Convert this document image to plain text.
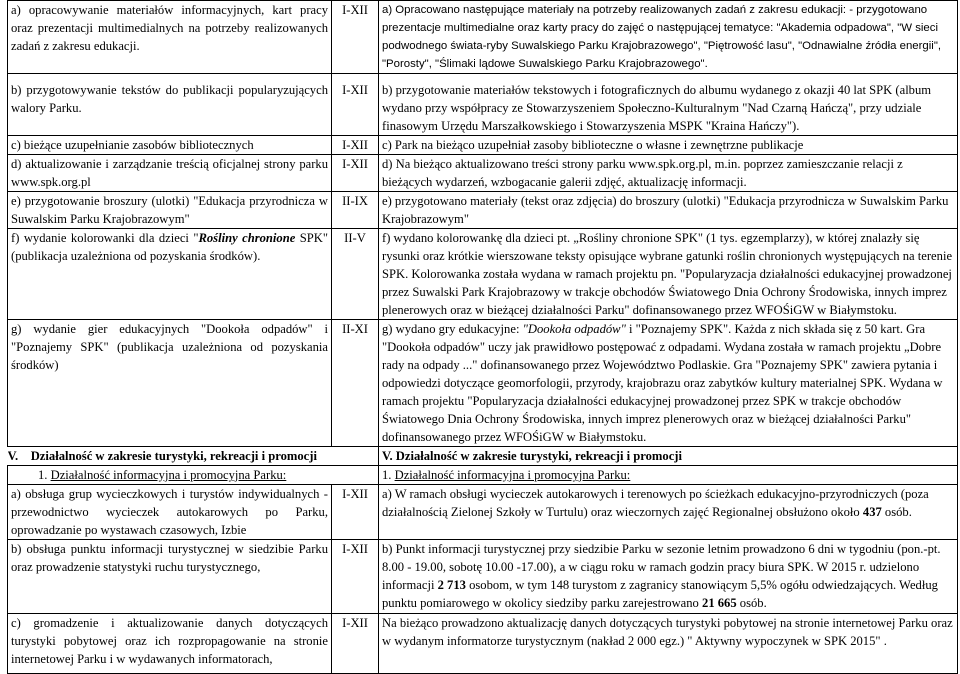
a) opracowywanie materiałów informacyjnych, kart pracy oraz prezentacji multimedialnych na potrzeby realizowanych zadań z zakresu edukacji.	I-XII	a) Opracowano następujące materiały na potrzeby realizowanych zadań z zakresu edukacji: - przygotowano prezentacje multimedialne oraz karty pracy do zajęć o następującej tematyce: "Akademia odpadowa", "W sieci podwodnego świata-ryby Suwalskiego Parku Krajobrazowego", "Piętrowość lasu", "Odnawialne źródła energii", "Porosty", "Ślimaki lądowe Suwalskiego Parku Krajobrazowego".
b) przygotowywanie tekstów do publikacji popularyzujących walory Parku.	I-XII	b) przygotowanie materiałów tekstowych i fotograficznych do albumu wydanego z okazji 40 lat SPK (album wydano przy współpracy ze Stowarzyszeniem Społeczno-Kulturalnym "Nad Czarną Hańczą", przy udziale finasowym Urzędu Marszałkowskiego i Stowarzyszenia MSPK "Kraina Hańczy").
c) bieżące uzupełnianie zasobów bibliotecznych	I-XII	c) Park na bieżąco uzupełniał zasoby biblioteczne o własne i zewnętrzne publikacje
d) aktualizowanie i zarządzanie treścią oficjalnej strony parku www.spk.org.pl	I-XII	d) Na bieżąco aktualizowano treści strony parku www.spk.org.pl, m.in. poprzez zamieszczanie relacji z bieżących wydarzeń, wzbogacanie galerii zdjęć, aktualizację informacji.
e) przygotowanie broszury (ulotki) "Edukacja przyrodnicza w Suwalskim Parku Krajobrazowym"	II-IX	e) przygotowano materiały (tekst oraz zdjęcia) do broszury (ulotki) "Edukacja przyrodnicza w Suwalskim Parku Krajobrazowym"
f) wydanie kolorowanki dla dzieci "Rośliny chronione SPK" (publikacja uzależniona od pozyskania środków).	II-V	f) wydano kolorowankę dla dzieci pt. „Rośliny chronione SPK" (1 tys. egzemplarzy), w której znalazły się rysunki oraz krótkie wierszowane teksty opisujące wybrane gatunki roślin chronionych występujących na terenie SPK. Kolorowanka została wydana w ramach projektu pn. "Popularyzacja działalności edukacyjnej prowadzonej przez Suwalski Park Krajobrazowy w trakcje obchodów Światowego Dnia Ochrony Środowiska, innych imprez plenerowych oraz w bieżącej działalności Parku" dofinansowanego przez WFOŚiGW w Białymstoku.
g) wydanie gier edukacyjnych "Dookoła odpadów" i "Poznajemy SPK" (publikacja uzależniona od pozyskania środków)	II-XI	g) wydano gry edukacyjne: "Dookoła odpadów" i "Poznajemy SPK". Każda z nich składa się z 50 kart. Gra "Dookoła odpadów" uczy jak prawidłowo postępować z odpadami. Wydana została w ramach projektu „Dobre rady na odpady ..." dofinansowanego przez Województwo Podlaskie. Gra "Poznajemy SPK" zawiera pytania i odpowiedzi dotyczące geomorfologii, przyrody, krajobrazu oraz zabytków kultury materialnej SPK. Wydana w ramach projektu "Popularyzacja działalności edukacyjnej prowadzonej przez SPK w trakcje obchodów Światowego Dnia Ochrony Środowiska, innych imprez plenerowych oraz w bieżącej działalności Parku" dofinansowanego przez WFOŚiGW w Białymstoku.
V.    Działalność w zakresie turystyki, rekreacji i promocji		V. Działalność w zakresie turystyki, rekreacji i promocji
1. Działalność informacyjna i promocyjna Parku:		1. Działalność informacyjna i promocyjna Parku:
a) obsługa grup wycieczkowych i turystów indywidualnych - przewodnictwo wycieczek autokarowych po Parku, oprowadzanie po wystawach czasowych, Izbie	I-XII	a) W ramach obsługi wycieczek autokarowych i terenowych po ścieżkach edukacyjno-przyrodniczych (poza działalnością Zielonej Szkoły w Turtulu) oraz wieczornych zajęć Regionalnej obsłużono około 437 osób.
b) obsługa punktu informacji turystycznej w siedzibie Parku oraz prowadzenie statystyki ruchu turystycznego,	I-XII	b) Punkt informacji turystycznej przy siedzibie Parku w sezonie letnim prowadzono 6 dni w tygodniu (pon.-pt. 8.00 - 19.00, sobotę 10.00 -17.00), a w ciągu roku w ramach godzin pracy biura SPK. W 2015 r. udzielono informacji 2 713 osobom, w tym 148 turystom z zagranicy stanowiącym 5,5% ogółu odwiedzających. Według punktu pomiarowego w okolicy siedziby parku zarejestrowano 21 665 osób.
c) gromadzenie i aktualizowanie danych dotyczących turystyki pobytowej oraz ich rozpropagowanie na stronie internetowej Parku i w wydawanych informatorach,	I-XII	Na bieżąco prowadzono aktualizację danych dotyczących turystyki pobytowej na stronie internetowej Parku oraz w wydanym informatorze turystycznym (nakład 2 000 egz.) " Aktywny wypoczynek w SPK 2015" .
